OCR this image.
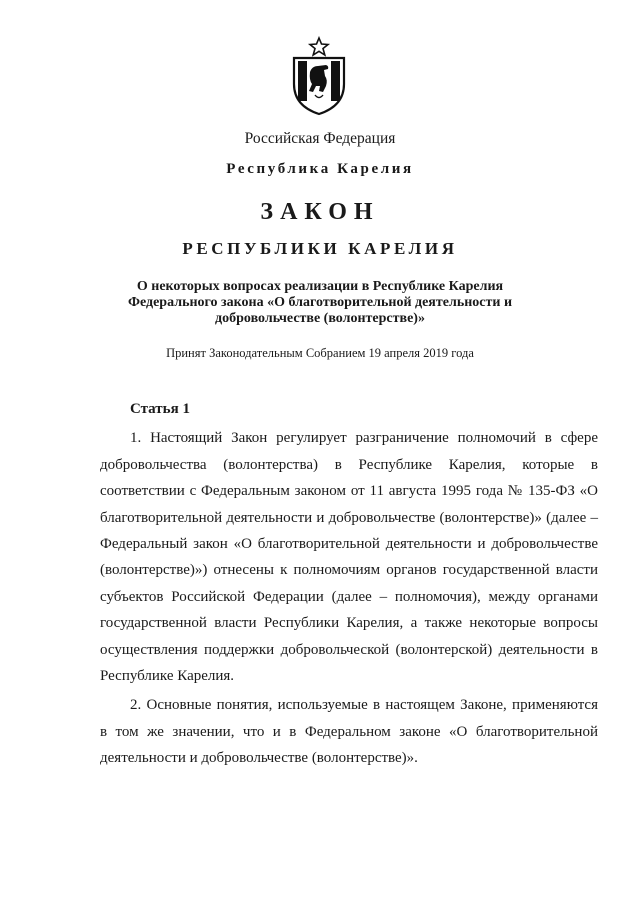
Российская Федерация
Республика Карелия
ЗАКОН
РЕСПУБЛИКИ КАРЕЛИЯ
О некоторых вопросах реализации в Республике Карелия
Федерального закона «О благотворительной деятельности и
добровольчестве (волонтерстве)»
Принят Законодательным Собранием 19 апреля 2019 года
Статья 1

1. Настоящий Закон регулирует разграничение полномочий в сфере добровольчества (волонтерства) в Республике Карелия, которые в соответствии с Федеральным законом от 11 августа 1995 года № 135-ФЗ «О благотворительной деятельности и добровольчестве (волонтерстве)» (далее – Федеральный закон «О благотворительной деятельности и добровольчестве (волонтерстве)») отнесены к полномочиям органов государственной власти субъектов Российской Федерации (далее – полномочия), между органами государственной власти Республики Карелия, а также некоторые вопросы осуществления поддержки добровольческой (волонтерской) деятельности в Республике Карелия.

2. Основные понятия, используемые в настоящем Законе, применяются в том же значении, что и в Федеральном законе «О благотворительной деятельности и добровольчестве (волонтерстве)».
